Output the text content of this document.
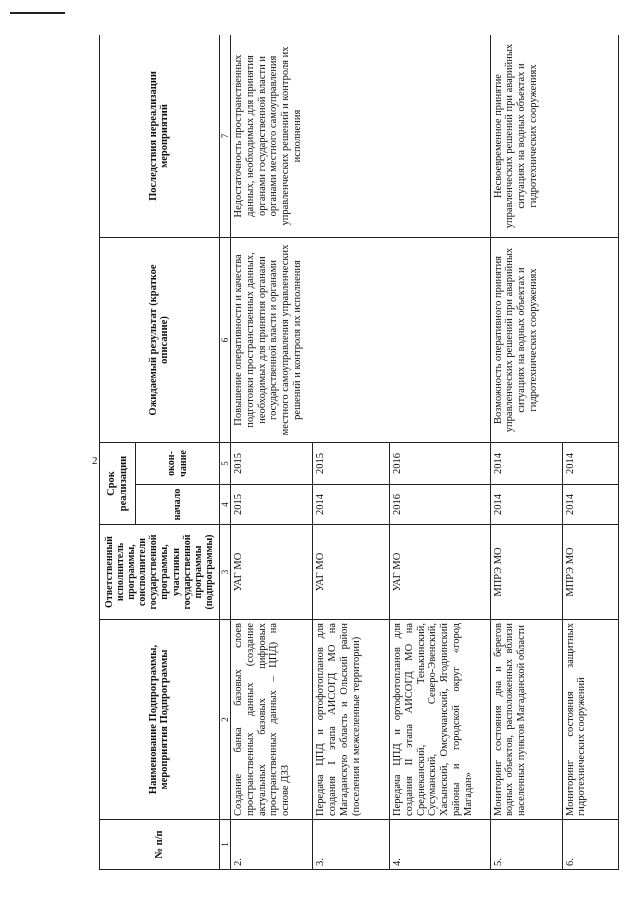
2
№ п/п	Наименование Подпрограммы, мероприятия Подпрограммы	Ответственный исполнитель программы, соисполнители государственной программы, участники государственной программы (подпрограммы)	Срок реализации		Ожидаемый результат (краткое описание)	Последствия нереализации мероприятий
			начало	окон-чание		
1	2	3	4	5	6	7
2.	Создание банка базовых слоев пространственных данных (создание актуальных базовых цифровых пространственных данных – ЦПД) на основе ДЗЗ	УАГ МО	2015	2015	Повышение оперативности и качества подготовки пространственных данных, необходимых для принятия органами государственной власти и органами местного самоуправления управленческих решений и контроля их исполнения	Недостаточность пространственных данных, необходимых для принятия органами государственной власти и органами местного самоуправления управленческих решений и контроля их исполнения
3.	Передача ЦПД и ортофотопланов для создания I этапа АИСОГД МО на Магаданскую область и Ольский район (поселения и межселенные территории)	УАГ МО	2014	2015		
4.	Передача ЦПД и ортофотопланов для создания II этапа АИСОГД МО на Среднеканский, Тенькинский, Сусуманский, Северо-Эвенский, Хасынский, Омсукчанский, Ягоднинский районы и городской округ «город Магадан»	УАГ МО	2016	2016		
5.	Мониторинг состояния дна и берегов водных объектов, расположенных вблизи населенных пунктов Магаданской области	МПРЭ МО	2014	2014	Возможность оперативного принятия управленческих решений при аварийных ситуациях на водных объектах и гидротехнических сооружениях	Несвоевременное принятие управленческих решений при аварийных ситуациях на водных объектах и гидротехнических сооружениях
6.	Мониторинг состояния защитных гидротехнических сооружений	МПРЭ МО	2014	2014		
